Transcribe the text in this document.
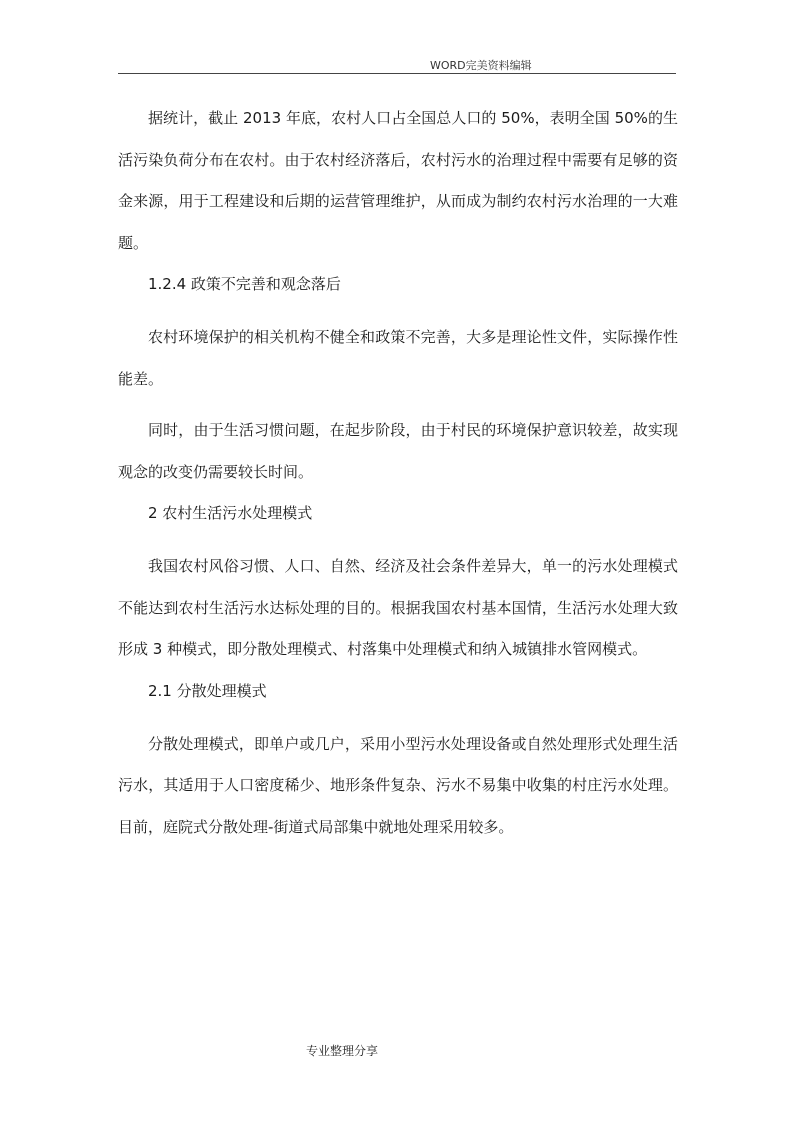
WORD完美资料编辑

据统计，截止 2013 年底，农村人口占全国总人口的 50%，表明全国 50%的生活污染负荷分布在农村。由于农村经济落后，农村污水的治理过程中需要有足够的资金来源，用于工程建设和后期的运营管理维护，从而成为制约农村污水治理的一大难题。

1.2.4 政策不完善和观念落后

农村环境保护的相关机构不健全和政策不完善，大多是理论性文件，实际操作性能差。

同时，由于生活习惯问题，在起步阶段，由于村民的环境保护意识较差，故实现观念的改变仍需要较长时间。

2 农村生活污水处理模式

我国农村风俗习惯、人口、自然、经济及社会条件差异大，单一的污水处理模式不能达到农村生活污水达标处理的目的。根据我国农村基本国情，生活污水处理大致形成 3 种模式，即分散处理模式、村落集中处理模式和纳入城镇排水管网模式。

2.1 分散处理模式

分散处理模式，即单户或几户，采用小型污水处理设备或自然处理形式处理生活污水，其适用于人口密度稀少、地形条件复杂、污水不易集中收集的村庄污水处理。目前，庭院式分散处理-街道式局部集中就地处理采用较多。

专业整理分享
